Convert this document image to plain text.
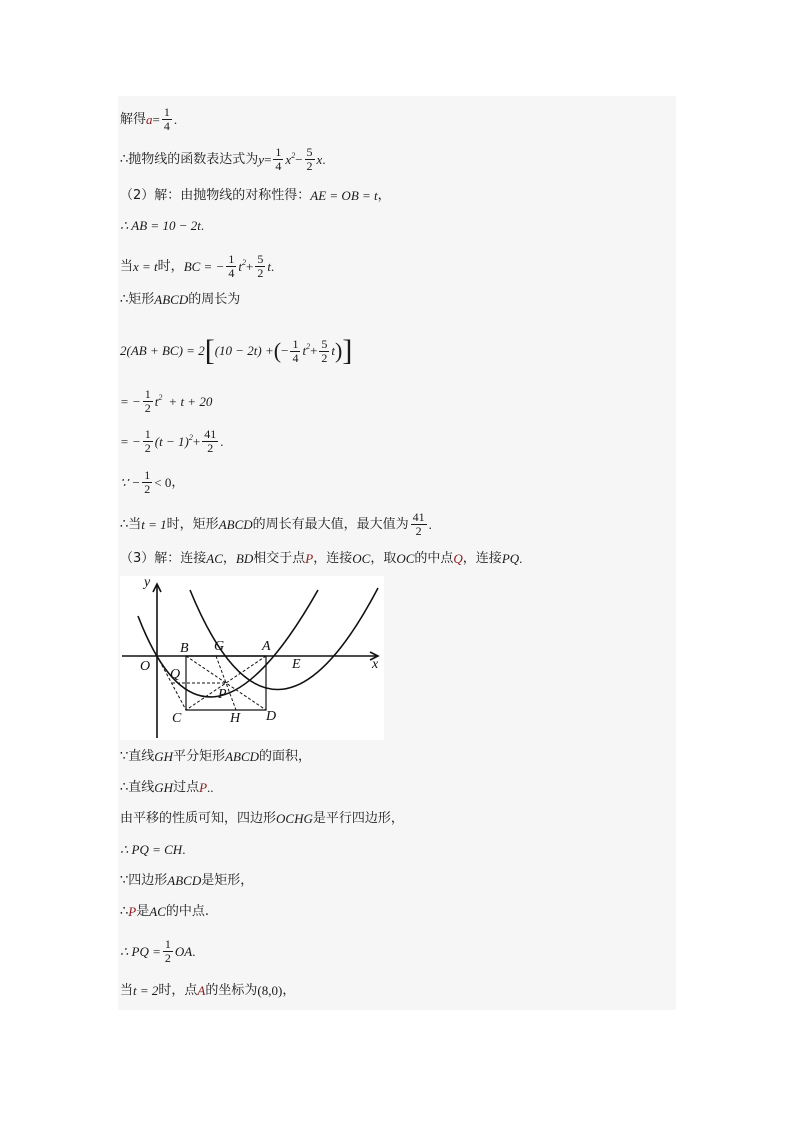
解得 $a = \frac{1}{4}$ .
∴抛物线的函数表达式为 $y = \frac{1}{4} x^2 - \frac{5}{2}$ x .
（2）解：由抛物线的对称性得： AE = OB = t ，
∴ AB = 10 − 2t .
当 x = t 时， BC = − $\frac{1}{4} t^2 + \frac{5}{2}$ t .
∴矩形 ABCD 的周长为
2(AB + BC) = 2 [ (10 − 2t) + ( − $\frac{1}{4} t^2 + \frac{5}{2}$ t ) ]
= − $\frac{1}{2} t^2 + t + 20$
= − $\frac{1}{2} (t - 1)^2 + \frac{41}{2}$ .
∵ − $\frac{1}{2} < 0$ ，
∴当 t = 1 时，矩形 ABCD 的周长有最大值，最大值为 $\frac{41}{2}$ .
（3）解：连接 AC ， BD 相交于点 P ，连接 OC ，取 OC 的中点 Q ，连接 PQ .
y
x
O
B G	A
E
Q
P
C	H D
∵直线 GH 平分矩形 ABCD 的面积，
∴直线 GH 过点 P ..
由平移的性质可知，四边形 OCHG 是平行四边形，
∴ PQ = CH .
∵四边形 ABCD 是矩形，
∴ P 是 AC 的中点.
∴ PQ = $\frac{1}{2}$ OA .
当 t = 2 时，点 A 的坐标为 (8,0) ，
